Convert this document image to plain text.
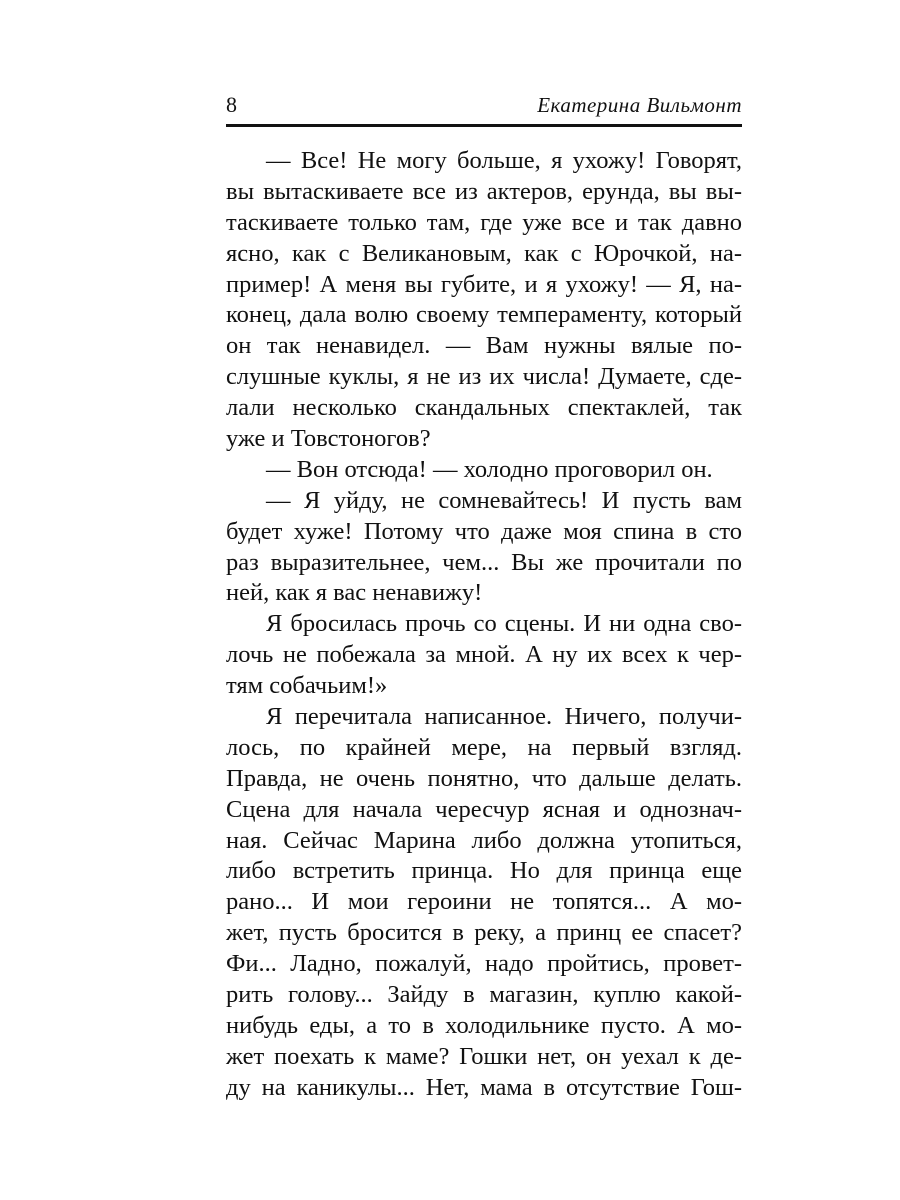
8	Екатерина Вильмонт
— Все! Не могу больше, я ухожу! Говорят,
вы вытаскиваете все из актеров, ерунда, вы вы-
таскиваете только там, где уже все и так давно
ясно, как с Великановым, как с Юрочкой, на-
пример! А меня вы губите, и я ухожу! — Я, на-
конец, дала волю своему темпераменту, который
он так ненавидел. — Вам нужны вялые по-
слушные куклы, я не из их числа! Думаете, сде-
лали несколько скандальных спектаклей, так
уже и Товстоногов?
— Вон отсюда! — холодно проговорил он.
— Я уйду, не сомневайтесь! И пусть вам
будет хуже! Потому что даже моя спина в сто
раз выразительнее, чем... Вы же прочитали по
ней, как я вас ненавижу!
Я бросилась прочь со сцены. И ни одна сво-
лочь не побежала за мной. А ну их всех к чер-
тям собачьим!»
Я перечитала написанное. Ничего, получи-
лось, по крайней мере, на первый взгляд.
Правда, не очень понятно, что дальше делать.
Сцена для начала чересчур ясная и однознач-
ная. Сейчас Марина либо должна утопиться,
либо встретить принца. Но для принца еще
рано... И мои героини не топятся... А мо-
жет, пусть бросится в реку, а принц ее спасет?
Фи... Ладно, пожалуй, надо пройтись, провет-
рить голову... Зайду в магазин, куплю какой-
нибудь еды, а то в холодильнике пусто. А мо-
жет поехать к маме? Гошки нет, он уехал к де-
ду на каникулы... Нет, мама в отсутствие Гош-
